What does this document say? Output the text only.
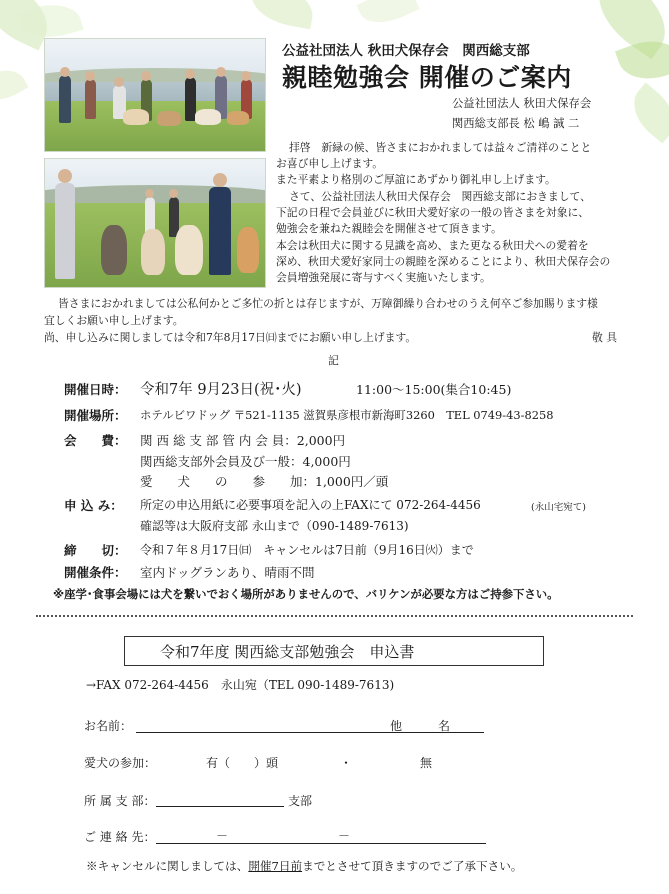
公益社団法人 秋田犬保存会　関西総支部
親睦勉強会 開催のご案内
公益社団法人 秋田犬保存会
関西総支部長 松 嶋 誠 二
拝啓　新緑の候、皆さまにおかれましては益々ご清祥のことと
お喜び申し上げます。
また平素より格別のご厚誼にあずかり御礼申し上げます。
さて、公益社団法人秋田犬保存会　関西総支部におきまして、
下記の日程で会員並びに秋田犬愛好家の一般の皆さまを対象に、
勉強会を兼ねた親睦会を開催させて頂きます。
本会は秋田犬に関する見識を高め、また更なる秋田犬への愛着を
深め、秋田犬愛好家同士の親睦を深めることにより、秋田犬保存会の
会員増強発展に寄与すべく実施いたします。
皆さまにおかれましては公私何かとご多忙の折とは存じますが、万障御繰り合わせのうえ何卒ご参加賜ります様
宜しくお願い申し上げます。
尚、申し込みに関しましては令和7年8月17日㈰までにお願い申し上げます。	敬 具
記
開催日時： 令和7年 9月23日(祝･火)	11:00～15:00(集合10:45)
開催場所： ホテルビワドッグ 〒521-1135 滋賀県彦根市新海町3260　TEL 0749-43-8258
会　　費： 関 西 総 支 部 管 内 会 員：2,000円
関西総支部外会員及び一般：4,000円
愛　　犬　　の　　参　　加：1,000円／頭
申 込 み： 所定の申込用紙に必要事項を記入の上FAXにて 072-264-4456	(永山宅宛て)
確認等は大阪府支部 永山まで（090-1489-7613)
締　　切： 令和７年８月17日㈰　キャンセルは7日前（9月16日㈫）まで
開催条件： 室内ドッグランあり、晴雨不問
※座学･食事会場には犬を繋いでおく場所がありませんので、バリケンが必要な方はご持参下さい。
令和7年度 関西総支部勉強会　申込書
→FAX 072-264-4456　永山宛（TEL 090-1489-7613)
お名前：	他　　　名
愛犬の参加：	有（　　）頭	・	無
所 属 支 部：	支部
ご 連 絡 先：	－	－
※キャンセルに関しましては、開催7日前までとさせて頂きますのでご了承下さい。
